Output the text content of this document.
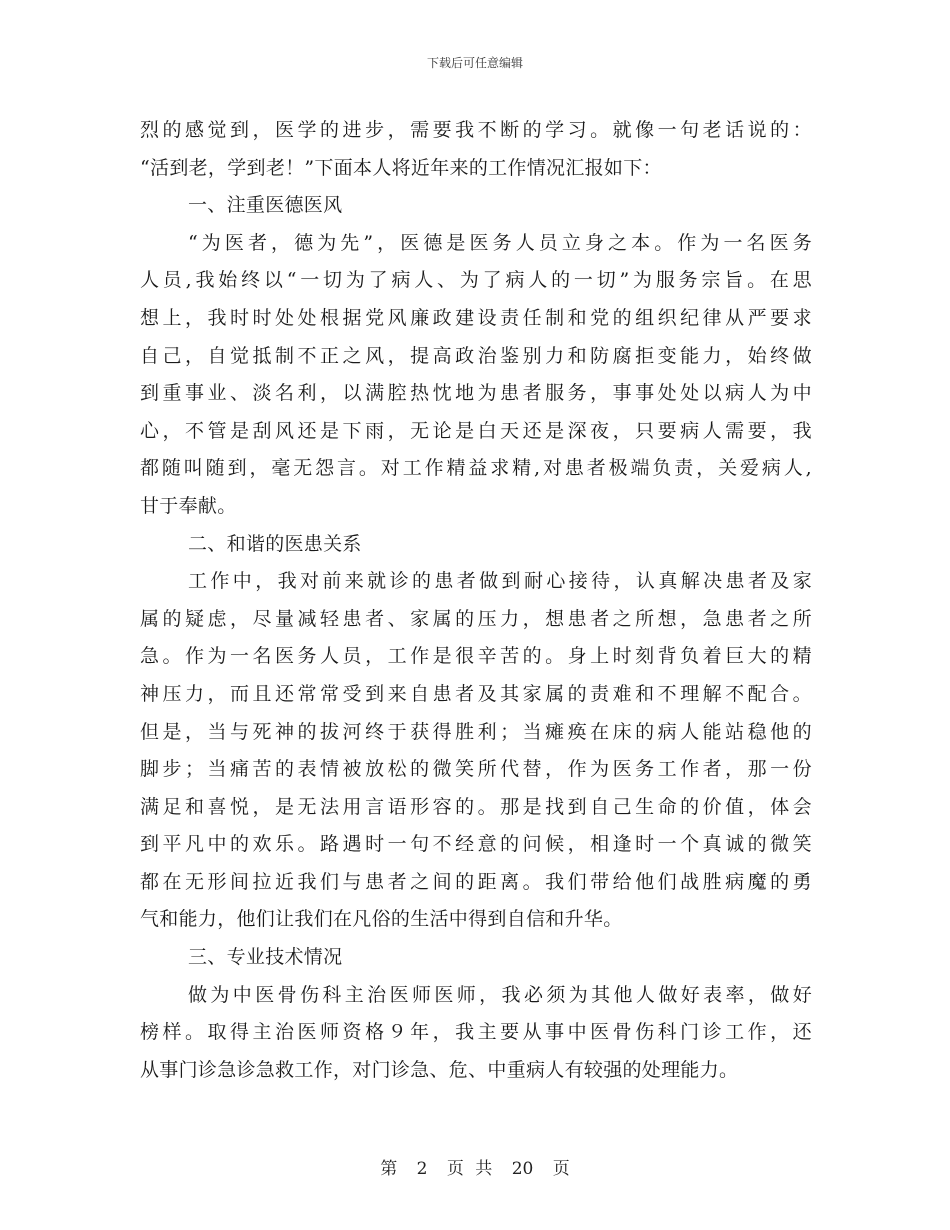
下载后可任意编辑
烈的感觉到，医学的进步，需要我不断的学习。就像一句老话说的：
“活到老，学到老！”下面本人将近年来的工作情况汇报如下：
一、注重医德医风
“为医者，德为先”，医德是医务人员立身之本。作为一名医务
人员,我始终以“一切为了病人、为了病人的一切”为服务宗旨。在思
想上，我时时处处根据党风廉政建设责任制和党的组织纪律从严要求
自己，自觉抵制不正之风，提高政治鉴别力和防腐拒变能力，始终做
到重事业、淡名利，以满腔热忱地为患者服务，事事处处以病人为中
心，不管是刮风还是下雨，无论是白天还是深夜，只要病人需要，我
都随叫随到，毫无怨言。对工作精益求精,对患者极端负责，关爱病人,
甘于奉献。
二、和谐的医患关系
工作中，我对前来就诊的患者做到耐心接待，认真解决患者及家
属的疑虑，尽量减轻患者、家属的压力，想患者之所想，急患者之所
急。作为一名医务人员，工作是很辛苦的。身上时刻背负着巨大的精
神压力，而且还常常受到来自患者及其家属的责难和不理解不配合。
但是，当与死神的拔河终于获得胜利；当瘫痪在床的病人能站稳他的
脚步；当痛苦的表情被放松的微笑所代替，作为医务工作者，那一份
满足和喜悦，是无法用言语形容的。那是找到自己生命的价值，体会
到平凡中的欢乐。路遇时一句不经意的问候，相逢时一个真诚的微笑
都在无形间拉近我们与患者之间的距离。我们带给他们战胜病魔的勇
气和能力，他们让我们在凡俗的生活中得到自信和升华。
三、专业技术情况
做为中医骨伤科主治医师医师，我必须为其他人做好表率，做好
榜样。取得主治医师资格９年，我主要从事中医骨伤科门诊工作，还
从事门诊急诊急救工作，对门诊急、危、中重病人有较强的处理能力。
第 2 页 共 20 页
